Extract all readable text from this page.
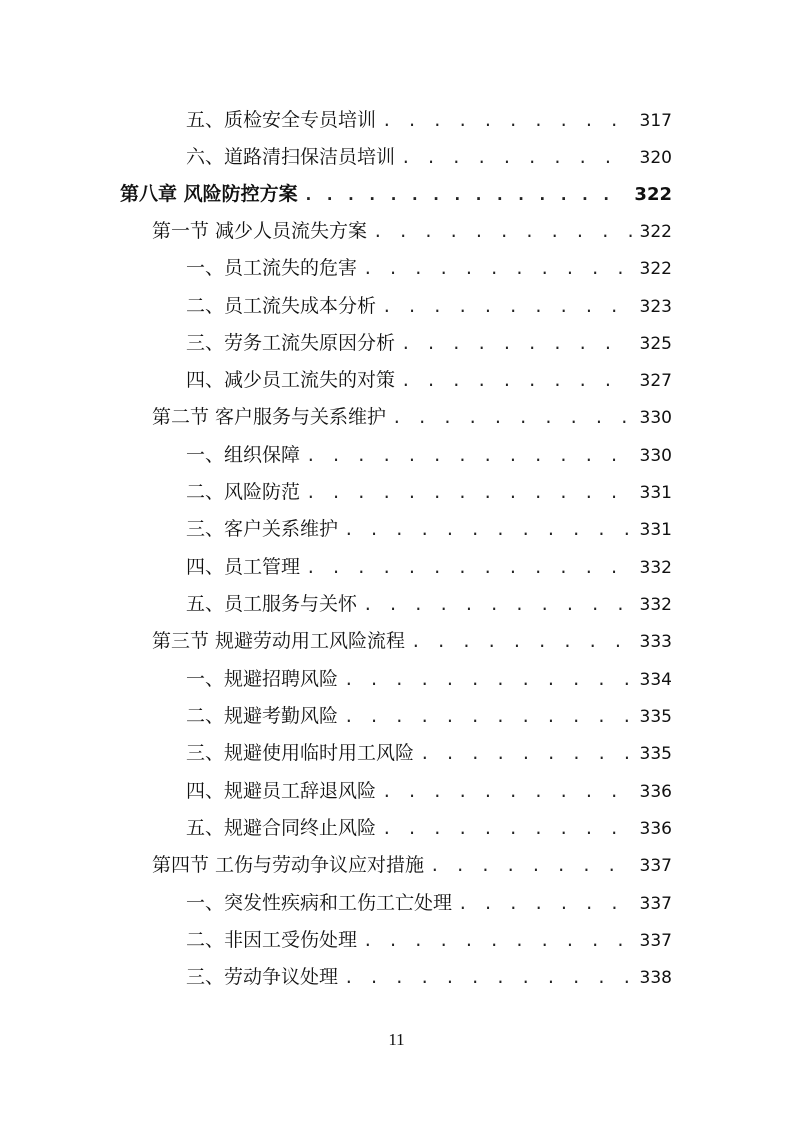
五、质检安全专员培训 . . .	317
六、道路清扫保洁员培训 . . .	320
第八章 风险防控方案 . . .	322
第一节 减少人员流失方案 . . .	322
一、员工流失的危害 . . .	322
二、员工流失成本分析 . . .	323
三、劳务工流失原因分析 . . .	325
四、减少员工流失的对策 . . .	327
第二节 客户服务与关系维护 . . .	330
一、组织保障 . . .	330
二、风险防范 . . .	331
三、客户关系维护 . . .	331
四、员工管理 . . .	332
五、员工服务与关怀 . . .	332
第三节 规避劳动用工风险流程 . . .	333
一、规避招聘风险 . . .	334
二、规避考勤风险 . . .	335
三、规避使用临时用工风险 . . .	335
四、规避员工辞退风险 . . .	336
五、规避合同终止风险 . . .	336
第四节 工伤与劳动争议应对措施 . . .	337
一、突发性疾病和工伤工亡处理 . . .	337
二、非因工受伤处理 . . .	337
三、劳动争议处理 . . .	338
11
